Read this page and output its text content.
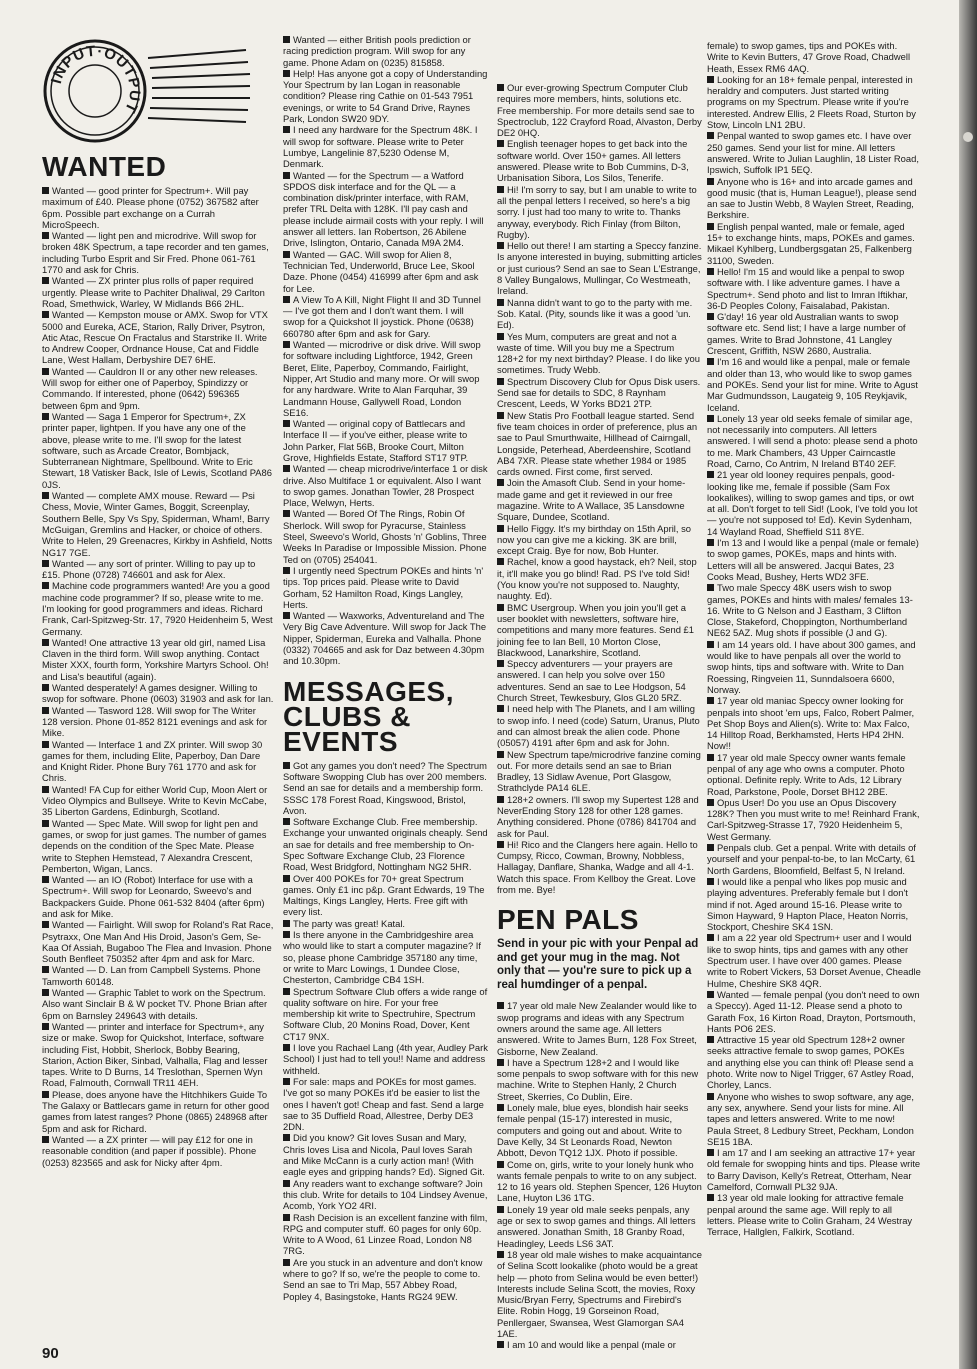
INPUT·OUTPUT
WANTED

Wanted — good printer for Spectrum+. Will pay maximum of £40. Please phone (0752) 367582 after 6pm. Possible part exchange on a Currah MicroSpeech.

Wanted — light pen and microdrive. Will swop for broken 48K Spectrum, a tape recorder and ten games, including Turbo Esprit and Sir Fred. Phone 061-761 1770 and ask for Chris.

Wanted — ZX printer plus rolls of paper required urgently. Please write to Pachiter Dhaliwal, 29 Carlton Road, Smethwick, Warley, W Midlands B66 2HL.

Wanted — Kempston mouse or AMX. Swop for VTX 5000 and Eureka, ACE, Starion, Rally Driver, Psytron, Atic Atac, Rescue On Fractalus and Starstrike II. Write to Andrew Cooper, Ordnance House, Cat and Fiddle Lane, West Hallam, Derbyshire DE7 6HE.

Wanted — Cauldron II or any other new releases. Will swop for either one of Paperboy, Spindizzy or Commando. If interested, phone (0642) 596365 between 6pm and 9pm.

Wanted — Saga 1 Emperor for Spectrum+, ZX printer paper, lightpen. If you have any one of the above, please write to me. I'll swop for the latest software, such as Arcade Creator, Bombjack, Subterranean Nightmare, Spellbound. Write to Eric Stewart, 18 Vatisker Back, Isle of Lewis, Scotland PA86 0JS.

Wanted — complete AMX mouse. Reward — Psi Chess, Movie, Winter Games, Boggit, Screenplay, Southern Belle, Spy Vs Spy, Spiderman, Wham!, Barry McGuigan, Gremlins and Hacker, or choice of others. Write to Helen, 29 Greenacres, Kirkby in Ashfield, Notts NG17 7GE.

Wanted — any sort of printer. Willing to pay up to £15. Phone (0728) 746601 and ask for Alex.

Machine code programmers wanted! Are you a good machine code programmer? If so, please write to me. I'm looking for good programmers and ideas. Richard Frank, Carl-Spitzweg-Str. 17, 7920 Heidenheim 5, West Germany.

Wanted! One attractive 13 year old girl, named Lisa Claven in the third form. Will swop anything. Contact Mister XXX, fourth form, Yorkshire Martyrs School. Oh! and Lisa's beautiful (again).

Wanted desperately! A games designer. Willing to swop for software. Phone (0603) 31903 and ask for Ian.

Wanted — Tasword 128. Will swop for The Writer 128 version. Phone 01-852 8121 evenings and ask for Mike.

Wanted — Interface 1 and ZX printer. Will swop 30 games for them, including Elite, Paperboy, Dan Dare and Knight Rider. Phone Bury 761 1770 and ask for Chris.

Wanted! FA Cup for either World Cup, Moon Alert or Video Olympics and Bullseye. Write to Kevin McCabe, 35 Liberton Gardens, Edinburgh, Scotland.

Wanted — Spec Mate. Will swop for light pen and games, or swop for just games. The number of games depends on the condition of the Spec Mate. Please write to Stephen Hemstead, 7 Alexandra Crescent, Pemberton, Wigan, Lancs.

Wanted — an IO (Robot) Interface for use with a Spectrum+. Will swop for Leonardo, Sweevo's and Backpackers Guide. Phone 061-532 8404 (after 6pm) and ask for Mike.

Wanted — Fairlight. Will swop for Roland's Rat Race, Psytraxx, One Man And His Droid, Jason's Gem, Se-Kaa Of Assiah, Bugaboo The Flea and Invasion. Phone South Benfleet 750352 after 4pm and ask for Marc.

Wanted — D. Lan from Campbell Systems. Phone Tamworth 60148.

Wanted — Graphic Tablet to work on the Spectrum. Also want Sinclair B & W pocket TV. Phone Brian after 6pm on Barnsley 249643 with details.

Wanted — printer and interface for Spectrum+, any size or make. Swop for Quickshot, Interface, software including Fist, Hobbit, Sherlock, Bobby Bearing, Starion, Action Biker, Sinbad, Valhalla, Flag and lesser tapes. Write to D Burns, 14 Treslothan, Spernen Wyn Road, Falmouth, Cornwall TR11 4EH.

Please, does anyone have the Hitchhikers Guide To The Galaxy or Battlecars game in return for other good games from latest ranges? Phone (0865) 248968 after 5pm and ask for Richard.

Wanted — a ZX printer — will pay £12 for one in reasonable condition (and paper if possible). Phone (0253) 823565 and ask for Nicky after 4pm.

Wanted — either British pools prediction or racing prediction program. Will swop for any game. Phone Adam on (0235) 815858.

Help! Has anyone got a copy of Understanding Your Spectrum by Ian Logan in reasonable condition? Please ring Cathie on 01-543 7951 evenings, or write to 54 Grand Drive, Raynes Park, London SW20 9DY.

I need any hardware for the Spectrum 48K. I will swop for software. Please write to Peter Lumbye, Langelinie 87,5230 Odense M, Denmark.

Wanted — for the Spectrum — a Watford SPDOS disk interface and for the QL — a combination disk/printer interface, with RAM, prefer TRL Delta with 128K. I'll pay cash and please include airmail costs with your reply. I will answer all letters. Ian Robertson, 26 Abilene Drive, Islington, Ontario, Canada M9A 2M4.

Wanted — GAC. Will swop for Alien 8, Technician Ted, Underworld, Bruce Lee, Skool Daze. Phone (0454) 416999 after 6pm and ask for Lee.

A View To A Kill, Night Flight II and 3D Tunnel — I've got them and I don't want them. I will swop for a Quickshot II joystick. Phone (0638) 660780 after 6pm and ask for Gary.

Wanted — microdrive or disk drive. Will swop for software including Lightforce, 1942, Green Beret, Elite, Paperboy, Commando, Fairlight, Nipper, Art Studio and many more. Or will swop for any hardware. Write to Alan Farquhar, 39 Landmann House, Gallywell Road, London SE16.

Wanted — original copy of Battlecars and Interface II — if you've either, please write to John Parker, Flat 56B, Brooke Court, Milton Grove, Highfields Estate, Stafford ST17 9TP.

Wanted — cheap microdrive/interface 1 or disk drive. Also Multiface 1 or equivalent. Also I want to swop games. Jonathan Towler, 28 Prospect Place, Welwyn, Herts.

Wanted — Bored Of The Rings, Robin Of Sherlock. Will swop for Pyracurse, Stainless Steel, Sweevo's World, Ghosts 'n' Goblins, Three Weeks In Paradise or Impossible Mission. Phone Ted on (0705) 254041.

I urgently need Spectrum POKEs and hints 'n' tips. Top prices paid. Please write to David Gorham, 52 Hamilton Road, Kings Langley, Herts.

Wanted — Waxworks, Adventureland and The Very Big Cave Adventure. Will swop for Jack The Nipper, Spiderman, Eureka and Valhalla. Phone (0332) 704665 and ask for Daz between 4.30pm and 10.30pm.

MESSAGES, CLUBS & EVENTS

Got any games you don't need? The Spectrum Software Swopping Club has over 200 members. Send an sae for details and a membership form. SSSC 178 Forest Road, Kingswood, Bristol, Avon.

Software Exchange Club. Free membership. Exchange your unwanted originals cheaply. Send an sae for details and free membership to On-Spec Software Exchange Club, 23 Florence Road, West Bridgford, Nottingham NG2 5HR.

Over 400 POKEs for 70+ great Spectrum games. Only £1 inc p&p. Grant Edwards, 19 The Maltings, Kings Langley, Herts. Free gift with every list.

The party was great! Katal.

Is there anyone in the Cambridgeshire area who would like to start a computer magazine? If so, please phone Cambridge 357180 any time, or write to Marc Lowings, 1 Dundee Close, Chesterton, Cambridge CB4 1SH.

Spectrum Software Club offers a wide range of quality software on hire. For your free membership kit write to Spectruhire, Spectrum Software Club, 20 Monins Road, Dover, Kent CT17 9NX.

I love you Rachael Lang (4th year, Audley Park School) I just had to tell you!! Name and address withheld.

For sale: maps and POKEs for most games. I've got so many POKEs it'd be easier to list the ones I haven't got! Cheap and fast. Send a large sae to 35 Duffield Road, Allestree, Derby DE3 2DN.

Did you know? Git loves Susan and Mary, Chris loves Lisa and Nicola, Paul loves Sarah and Mike McCann is a curly action man! (With eagle eyes and gripping hands? Ed). Signed Git.

Any readers want to exchange software? Join this club. Write for details to 104 Lindsey Avenue, Acomb, York YO2 4RI.

Rash Decision is an excellent fanzine with film, RPG and computer stuff. 60 pages for only 60p. Write to A Wood, 61 Linzee Road, London N8 7RG.

Are you stuck in an adventure and don't know where to go? If so, we're the people to come to. Send an sae to Tri Map, 557 Abbey Road, Popley 4, Basingstoke, Hants RG24 9EW.

Our ever-growing Spectrum Computer Club requires more members, hints, solutions etc. Free membership. For more details send sae to Spectroclub, 122 Crayford Road, Alvaston, Derby DE2 0HQ.

English teenager hopes to get back into the software world. Over 150+ games. All letters answered. Please write to Bob Cummins, D-3, Urbanisation Sibora, Los Silos, Tenerife.

Hi! I'm sorry to say, but I am unable to write to all the penpal letters I received, so here's a big sorry. I just had too many to write to. Thanks anyway, everybody. Rich Finlay (from Bilton, Rugby).

Hello out there! I am starting a Speccy fanzine. Is anyone interested in buying, submitting articles or just curious? Send an sae to Sean L'Estrange, 8 Valley Bungalows, Mullingar, Co Westmeath, Ireland.

Nanna didn't want to go to the party with me. Sob. Katal. (Pity, sounds like it was a good 'un. Ed).

Yes Mum, computers are great and not a waste of time. Will you buy me a Spectrum 128+2 for my next birthday? Please. I do like you sometimes. Trudy Webb.

Spectrum Discovery Club for Opus Disk users. Send sae for details to SDC, 8 Raynham Crescent, Leeds, W Yorks BD21 2TP.

New Statis Pro Football league started. Send five team choices in order of preference, plus an sae to Paul Smurthwaite, Hillhead of Cairngall, Longside, Peterhead, Aberdeenshire, Scotland AB4 7XR. Please state whether 1984 or 1985 cards owned. First come, first served.

Join the Amasoft Club. Send in your home-made game and get it reviewed in our free magazine. Write to A Wallace, 35 Lansdowne Square, Dundee, Scotland.

Hello Figgy. It's my birthday on 15th April, so now you can give me a kicking. 3K are brill, except Craig. Bye for now, Bob Hunter.

Rachel, know a good haystack, eh? Neil, stop it, it'll make you go blind! Rad. PS I've told Sid! (You know you're not supposed to. Naughty, naughty. Ed).

BMC Usergroup. When you join you'll get a user booklet with newsletters, software hire, competitions and many more features. Send £1 joining fee to Ian Bell, 10 Morton Close, Blackwood, Lanarkshire, Scotland.

Speccy adventurers — your prayers are answered. I can help you solve over 150 adventures. Send an sae to Lee Hodgson, 54 Church Street, Tewkesbury, Glos GL20 5RZ.

I need help with The Planets, and I am willing to swop info. I need (code) Saturn, Uranus, Pluto and can almost break the alien code. Phone (05057) 4191 after 6pm and ask for John.

New Spectrum tape/microdrive fanzine coming out. For more details send an sae to Brian Bradley, 13 Sidlaw Avenue, Port Glasgow, Strathclyde PA14 6LE.

128+2 owners. I'll swop my Supertest 128 and NeverEnding Story 128 for other 128 games. Anything considered. Phone (0786) 841704 and ask for Paul.

Hi! Rico and the Clangers here again. Hello to Cumpsy, Ricco, Cowman, Browny, Nobbless, Hallagay, Danflare, Shanka, Wadge and all 4-1. Watch this space. From Kellboy the Great. Love from me. Bye!

PEN PALS
Send in your pic with your Penpal ad and get your mug in the mag. Not only that — you're sure to pick up a real humdinger of a penpal.

17 year old male New Zealander would like to swop programs and ideas with any Spectrum owners around the same age. All letters answered. Write to James Burn, 128 Fox Street, Gisborne, New Zealand.

I have a Spectrum 128+2 and I would like some penpals to swop software with for this new machine. Write to Stephen Hanly, 2 Church Street, Skerries, Co Dublin, Eire.

Lonely male, blue eyes, blondish hair seeks female penpal (15-17) interested in music, computers and going out and about. Write to Dave Kelly, 34 St Leonards Road, Newton Abbott, Devon TQ12 1JX. Photo if possible.

Come on, girls, write to your lonely hunk who wants female penpals to write to on any subject. 12 to 16 years old. Stephen Spencer, 126 Huyton Lane, Huyton L36 1TG.

Lonely 19 year old male seeks penpals, any age or sex to swop games and things. All letters answered. Jonathan Smith, 18 Granby Road, Headingley, Leeds LS6 3AT.

18 year old male wishes to make acquaintance of Selina Scott lookalike (photo would be a great help — photo from Selina would be even better!) Interests include Selina Scott, the movies, Roxy Music/Bryan Ferry, Spectrums and Firebird's Elite. Robin Hogg, 19 Gorseinon Road, Penllergaer, Swansea, West Glamorgan SA4 1AE.

I am 10 and would like a penpal (male or

female) to swop games, tips and POKEs with. Write to Kevin Butters, 47 Grove Road, Chadwell Heath, Essex RM6 4AQ.

Looking for an 18+ female penpal, interested in heraldry and computers. Just started writing programs on my Spectrum. Please write if you're interested. Andrew Ellis, 2 Fleets Road, Sturton by Stow, Lincoln LN1 2BU.

Penpal wanted to swop games etc. I have over 250 games. Send your list for mine. All letters answered. Write to Julian Laughlin, 18 Lister Road, Ipswich, Suffolk IP1 5EQ.

Anyone who is 16+ and into arcade games and good music (that is, Human League!), please send an sae to Justin Webb, 8 Waylen Street, Reading, Berkshire.

English penpal wanted, male or female, aged 15+ to exchange hints, maps, POKEs and games. Mikael Kyhlberg, Lundbergsgatan 25, Falkenberg 31100, Sweden.

Hello! I'm 15 and would like a penpal to swop software with. I like adventure games. I have a Spectrum+. Send photo and list to Imran Iftikhar, 36-D Peoples Colony, Faisalabad, Pakistan.

G'day! 16 year old Australian wants to swop software etc. Send list; I have a large number of games. Write to Brad Johnstone, 41 Langley Crescent, Griffith, NSW 2680, Australia.

I'm 16 and would like a penpal, male or female and older than 13, who would like to swop games and POKEs. Send your list for mine. Write to Agust Mar Gudmundsson, Laugateig 9, 105 Reykjavik, Iceland.

Lonely 13 year old seeks female of similar age, not necessarily into computers. All letters answered. I will send a photo: please send a photo to me. Mark Chambers, 43 Upper Cairncastle Road, Carno, Co Antrim, N Ireland BT40 2EF.

21 year old looney requires penpals, good-looking like me, female if possible (Sam Fox lookalikes), willing to swop games and tips, or owt at all. Don't forget to tell Sid! (Look, I've told you lot — you're not supposed to! Ed). Kevin Sydenham, 14 Wayland Road, Sheffield S11 8YE.

I'm 13 and I would like a penpal (male or female) to swop games, POKEs, maps and hints with. Letters will all be answered. Jacqui Bates, 23 Cooks Mead, Bushey, Herts WD2 3FE.

Two male Speccy 48K users wish to swop games, POKEs and hints with males/ females 13-16. Write to G Nelson and J Eastham, 3 Clifton Close, Stakeford, Choppington, Northumberland NE62 5AZ. Mug shots if possible (J and G).

I am 14 years old. I have about 300 games, and would like to have penpals all over the world to swop hints, tips and software with. Write to Dan Roessing, Ringveien 11, Sunndalsoera 6600, Norway.

17 year old maniac Speccy owner looking for penpals into shoot 'em ups, Falco, Robert Palmer, Pet Shop Boys and Alien(s). Write to: Max Falco, 14 Hilltop Road, Berkhamsted, Herts HP4 2HN. Now!!

17 year old male Speccy owner wants female penpal of any age who owns a computer. Photo optional. Definite reply. Write to Ads, 12 Library Road, Parkstone, Poole, Dorset BH12 2BE.

Opus User! Do you use an Opus Discovery 128K? Then you must write to me! Reinhard Frank, Carl-Spitzweg-Strasse 17, 7920 Heidenheim 5, West Germany.

Penpals club. Get a penpal. Write with details of yourself and your penpal-to-be, to Ian McCarty, 61 North Gardens, Bloomfield, Belfast 5, N Ireland.

I would like a penpal who likes pop music and playing adventures. Preferably female but I don't mind if not. Aged around 15-16. Please write to Simon Hayward, 9 Hapton Place, Heaton Norris, Stockport, Cheshire SK4 1SN.

I am a 22 year old Spectrum+ user and I would like to swop hints, tips and games with any other Spectrum user. I have over 400 games. Please write to Robert Vickers, 53 Dorset Avenue, Cheadle Hulme, Cheshire SK8 4QR.

Wanted — female penpal (you don't need to own a Speccy). Aged 11-12. Please send a photo to Garath Fox, 16 Kirton Road, Drayton, Portsmouth, Hants PO6 2ES.

Attractive 15 year old Spectrum 128+2 owner seeks attractive female to swop games, POKEs and anything else you can think of! Please send a photo. Write now to Nigel Trigger, 67 Astley Road, Chorley, Lancs.

Anyone who wishes to swop software, any age, any sex, anywhere. Send your lists for mine. All tapes and letters answered. Write to me now! Paula Street, 8 Ledbury Street, Peckham, London SE15 1BA.

I am 17 and I am seeking an attractive 17+ year old female for swopping hints and tips. Please write to Barry Davison, Kelly's Retreat, Otterham, Near Camelford, Cornwall PL32 9JA.

13 year old male looking for attractive female penpal around the same age. Will reply to all letters. Please write to Colin Graham, 24 Westray Terrace, Hallglen, Falkirk, Scotland.

90
